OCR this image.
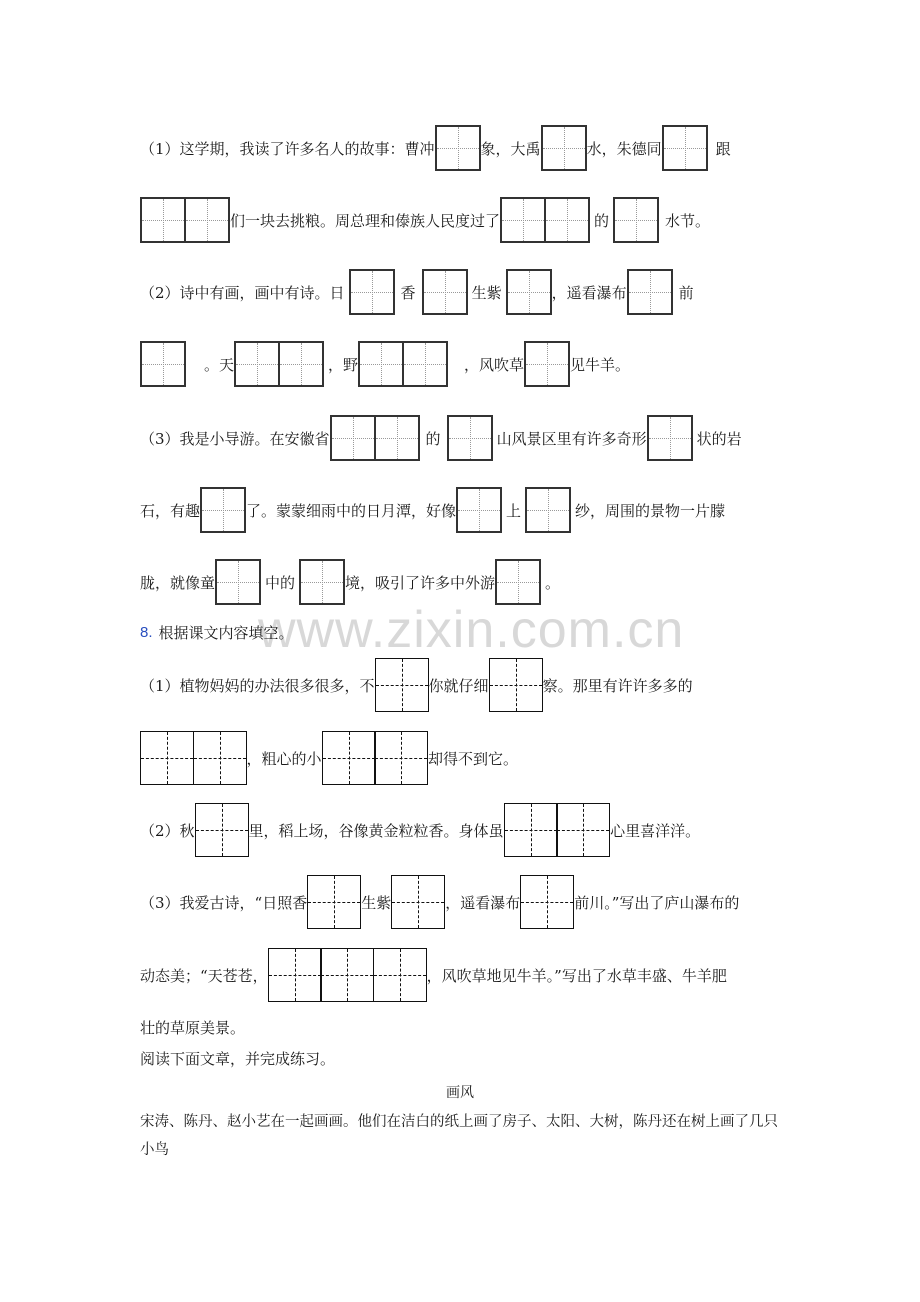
www.zixin.com.cn
（1）这学期，我读了许多名人的故事：曹冲	象，大禹	水，朱德同	跟
们一块去挑粮。周总理和傣族人民度过了	的	水节。
（2）诗中有画，画中有诗。日	香	生紫	，遥看瀑布	前
。天	，野	，风吹草	见牛羊。
（3）我是小导游。在安徽省	的	山风景区里有许多奇形	状的岩
石，有趣	了。蒙蒙细雨中的日月潭，好像	上	纱，周围的景物一片朦
胧，就像童	中的	境，吸引了许多中外游	。
8. 根据课文内容填空。
（1）植物妈妈的办法很多很多，不	你就仔细	察。那里有许许多多的
，粗心的小	却得不到它。
（2）秋	里，稻上场，谷像黄金粒粒香。身体虽	心里喜洋洋。
（3）我爱古诗，“日照香	生紫	，遥看瀑布	前川。”写出了庐山瀑布的
动态美；“天苍苍，	，风吹草地见牛羊。”写出了水草丰盛、牛羊肥
壮的草原美景。
阅读下面文章，并完成练习。
画风
宋涛、陈丹、赵小艺在一起画画。他们在洁白的纸上画了房子、太阳、大树，陈丹还在树上画了几只小鸟
